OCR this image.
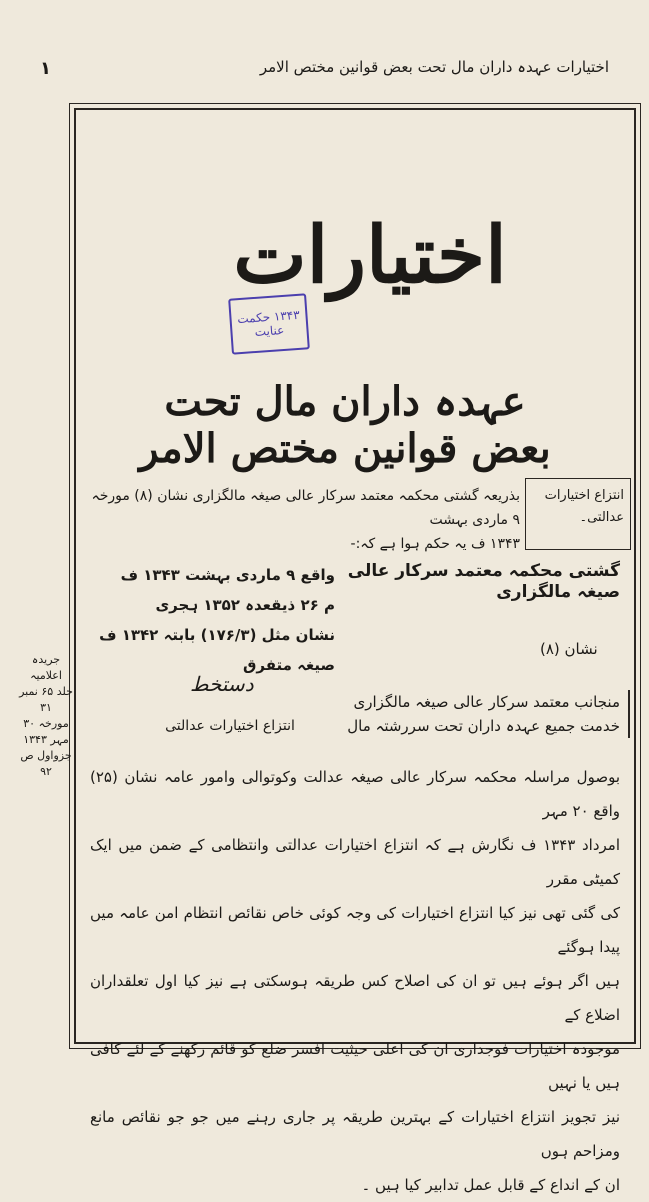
اختیارات عہدہ داران مال تحت بعض قوانین مختص الامر
۱
اختیارات
۱۳۴۳ حکمت
عنایت
عہدہ داران مال تحت بعض قوانین مختص الامر
انتزاع اختیارات
عدالتی۔
بذریعہ گشتی محکمہ معتمد سرکار عالی صیغہ مالگزاری نشان (۸) مورخہ ۹ ماردی بہشت
۱۳۴۳ ف یہ حکم ہوا ہے کہ:-
گشتی محکمہ معتمد سرکار عالی صیغہ مالگزاری
واقع ۹ ماردی بہشت ۱۳۴۳ ف
م ۲۶ ذیقعدہ ۱۳۵۲ ہجری
نشان مثل (۱۷۶/۳) بابتہ ۱۳۴۲ ف صیغہ متفرق
جریدہ اعلامیہ
جلد ۶۵ نمبر ۳۱
مورخہ ۳۰ مہر ۱۳۴۳
جزواول ص
۹۲
نشان (۸)
دستخط
منجانب معتمد سرکار عالی صیغہ مالگزاری
خدمت جمیع عہدہ داران تحت سررشتہ مال
انتزاع اختیارات عدالتی

بوصول مراسلہ محکمہ سرکار عالی صیغہ عدالت وکوتوالی وامور عامہ نشان (۲۵) واقع ۲۰ مہر

امرداد ۱۳۴۳ ف نگارش ہے کہ انتزاع اختیارات عدالتی وانتظامی کے ضمن میں ایک کمیٹی مقرر

کی گئی تھی نیز کیا انتزاع اختیارات کی وجہ کوئی خاص نقائص انتظام امن عامہ میں پیدا ہوگئے

ہیں اگر ہوئے ہیں تو ان کی اصلاح کس طریقہ ہوسکتی ہے نیز کیا اول تعلقداران اضلاع کے

موجودہ اختیارات فوجداری ان کی اعلی حیثیت افسر ضلع کو قائم رکھنے کے لئے کافی ہیں یا نہیں

نیز تجویز انتزاع اختیارات کے بہترین طریقہ پر جاری رہنے میں جو جو نقائص مانع ومزاحم ہوں

ان کے انداع کے قابل عمل تدابیر کیا ہیں ۔
